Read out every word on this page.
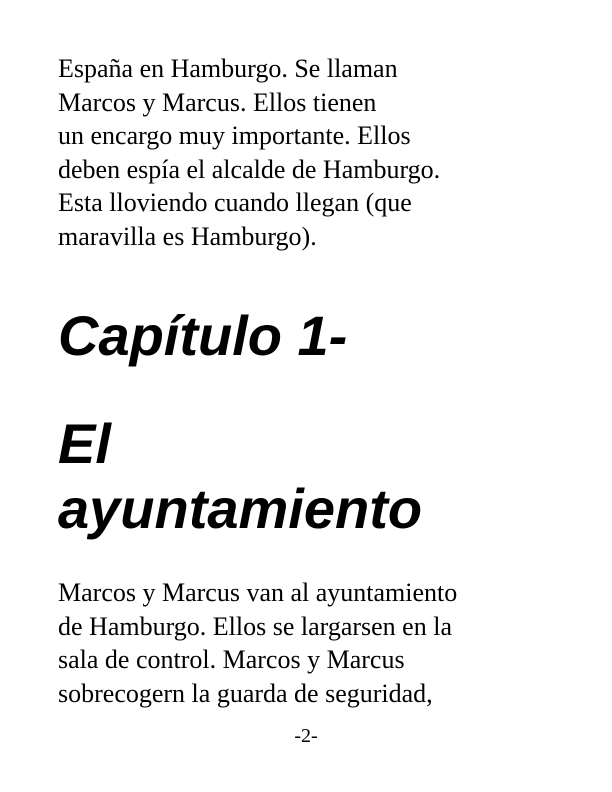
España en Hamburgo. Se llaman
Marcos y Marcus. Ellos tienen
un encargo muy importante. Ellos
deben espía el alcalde de Hamburgo.
Esta lloviendo cuando llegan (que
maravilla es Hamburgo).

Capítulo 1-
El
ayuntamiento

Marcos y Marcus van al ayuntamiento
de Hamburgo. Ellos se largarsen en la
sala de control. Marcos y Marcus
sobrecogern la guarda de seguridad,

-2-
